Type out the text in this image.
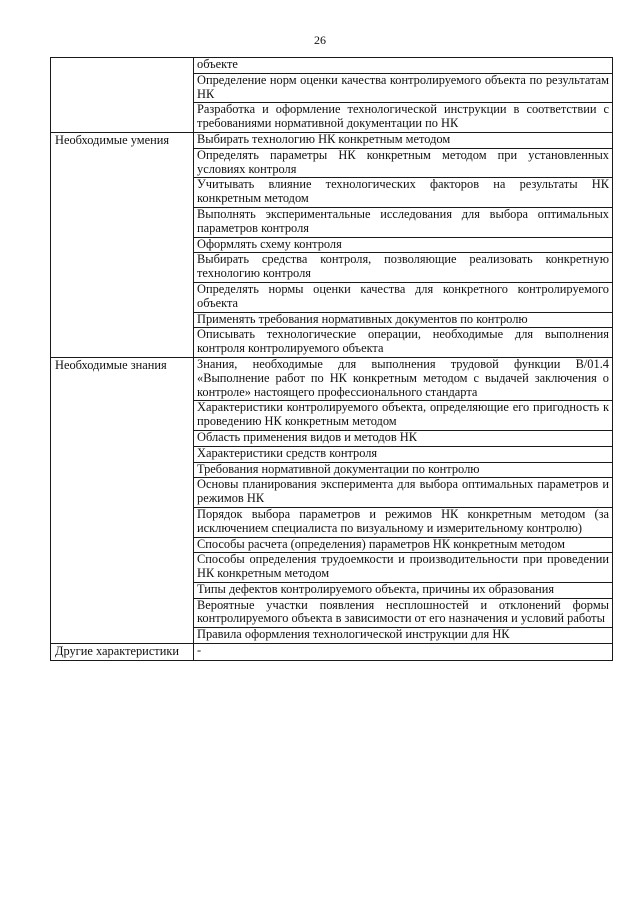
26
	объекте
	Определение норм оценки качества контролируемого объекта по результатам НК
	Разработка и оформление технологической инструкции в соответствии с требованиями нормативной документации по НК
Необходимые умения	Выбирать технологию НК конкретным методом
	Определять параметры НК конкретным методом при установленных условиях контроля
	Учитывать влияние технологических факторов на результаты НК конкретным методом
	Выполнять экспериментальные исследования для выбора оптимальных параметров контроля
	Оформлять схему контроля
	Выбирать средства контроля, позволяющие реализовать конкретную технологию контроля
	Определять нормы оценки качества для конкретного контролируемого объекта
	Применять требования нормативных документов по контролю
	Описывать технологические операции, необходимые для выполнения контроля контролируемого объекта
Необходимые знания	Знания, необходимые для выполнения трудовой функции В/01.4 «Выполнение работ по НК конкретным методом с выдачей заключения о контроле» настоящего профессионального стандарта
	Характеристики контролируемого объекта, определяющие его пригодность к проведению НК конкретным методом
	Область применения видов и методов НК
	Характеристики средств контроля
	Требования нормативной документации по контролю
	Основы планирования эксперимента для выбора оптимальных параметров и режимов НК
	Порядок выбора параметров и режимов НК конкретным методом (за исключением специалиста по визуальному и измерительному контролю)
	Способы расчета (определения) параметров НК конкретным методом
	Способы определения трудоемкости и производительности при проведении НК конкретным методом
	Типы дефектов контролируемого объекта, причины их образования
	Вероятные участки появления несплошностей и отклонений формы контролируемого объекта в зависимости от его назначения и условий работы
	Правила оформления технологической инструкции для НК
Другие характеристики	-
